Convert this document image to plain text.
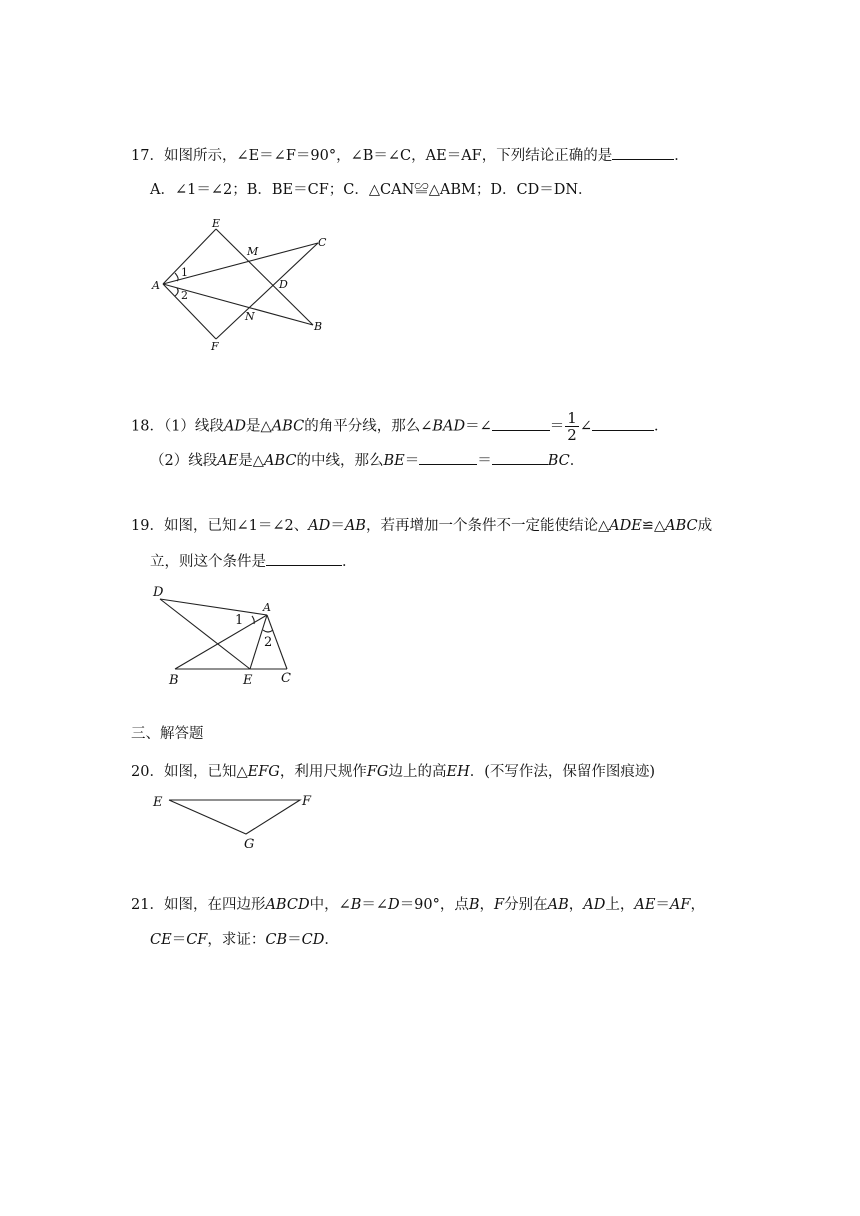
17．如图所示，∠E＝∠F＝90°，∠B＝∠C，AE＝AF，下列结论正确的是	．
A．∠1＝∠2；B．BE＝CF；C．△CAN≌△ABM；D．CD＝DN．
E
M
C
A
1
2
D
N
B
F
18．（1）线段AD是△ABC的角平分线，那么∠BAD＝∠	＝ $\frac{1}{2}$ ∠	．
（2）线段AE是△ABC的中线，那么BE＝	＝	BC．
19．如图，已知∠1＝∠2、AD＝AB，若再增加一个条件不一定能使结论△ADE≌△ABC成
立，则这个条件是	．
D
A
1
2
B	E C
三、解答题
20．如图，已知△EFG，利用尺规作FG边上的高EH．(不写作法，保留作图痕迹)
E	F
G
21．如图，在四边形ABCD中，∠B＝∠D＝90°，点B，F分别在AB，AD上，AE＝AF，
CE＝CF，求证：CB＝CD．
